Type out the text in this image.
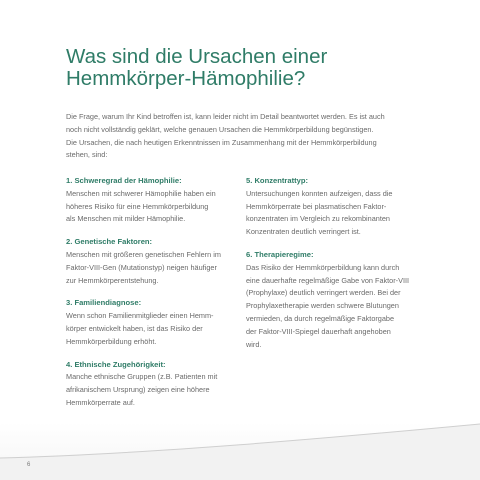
Was sind die Ursachen einer
Hemmkörper-Hämophilie?

Die Frage, warum Ihr Kind betroffen ist, kann leider nicht im Detail beantwortet werden. Es ist auch
noch nicht vollständig geklärt, welche genauen Ursachen die Hemmkörperbildung begünstigen.
Die Ursachen, die nach heutigen Erkenntnissen im Zusammenhang mit der Hemmkörperbildung
stehen, sind:

1. Schweregrad der Hämophilie:
Menschen mit schwerer Hämophilie haben ein
höheres Risiko für eine Hemmkörperbildung
als Menschen mit milder Hämophilie.
2. Genetische Faktoren:
Menschen mit größeren genetischen Fehlern im
Faktor-VIII-Gen (Mutationstyp) neigen häufiger
zur Hemmkörperentstehung.
3. Familiendiagnose:
Wenn schon Familienmitglieder einen Hemm-
körper entwickelt haben, ist das Risiko der
Hemmkörperbildung erhöht.
4. Ethnische Zugehörigkeit:
Manche ethnische Gruppen (z.B. Patienten mit
afrikanischem Ursprung) zeigen eine höhere
Hemmkörperrate auf.
5. Konzentrattyp:
Untersuchungen konnten aufzeigen, dass die
Hemmkörperrate bei plasmatischen Faktor-
konzentraten im Vergleich zu rekombinanten
Konzentraten deutlich verringert ist.
6. Therapieregime:
Das Risiko der Hemmkörperbildung kann durch
eine dauerhafte regelmäßige Gabe von Faktor-VIII
(Prophylaxe) deutlich verringert werden. Bei der
Prophylaxetherapie werden schwere Blutungen
vermieden, da durch regelmäßige Faktorgabe
der Faktor-VIII-Spiegel dauerhaft angehoben
wird.
6
